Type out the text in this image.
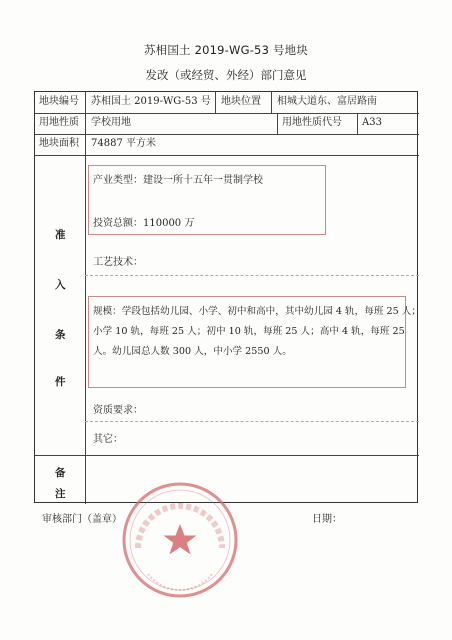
苏相国土 2019-WG-53 号地块
发改（或经贸、外经）部门意见
地块编号 苏相国土 2019-WG-53 号 地块位置 相城大道东、富居路南
用地性质 学校用地	用地性质代号 A33
地块面积 74887 平方米
准
入
条
件
产业类型：建设一所十五年一贯制学校
投资总额：110000 万
工艺技术：
规模：学段包括幼儿园、小学、初中和高中，其中幼儿园 4 轨，每班 25 人；小学 10 轨，每班 25 人；初中 10 轨，每班 25 人；高中 4 轨，每班 25 人。幼儿园总人数 300 人，中小学 2550 人。
资质要求：
其它：
备
注
审核部门（盖章）	日期：
